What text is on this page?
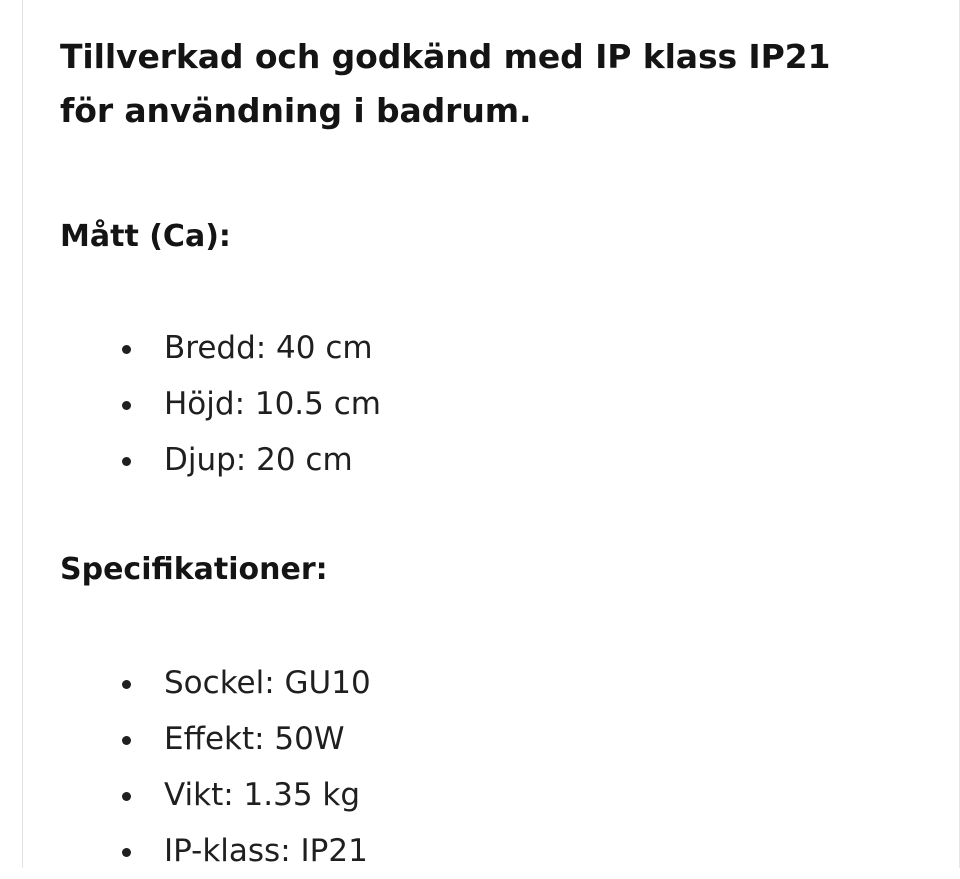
Tillverkad och godkänd med IP klass IP21 för användning i badrum.

Mått (Ca):
Bredd: 40 cm
Höjd: 10.5 cm
Djup: 20 cm
Specifikationer:
Sockel: GU10
Effekt: 50W
Vikt: 1.35 kg
IP-klass: IP21
